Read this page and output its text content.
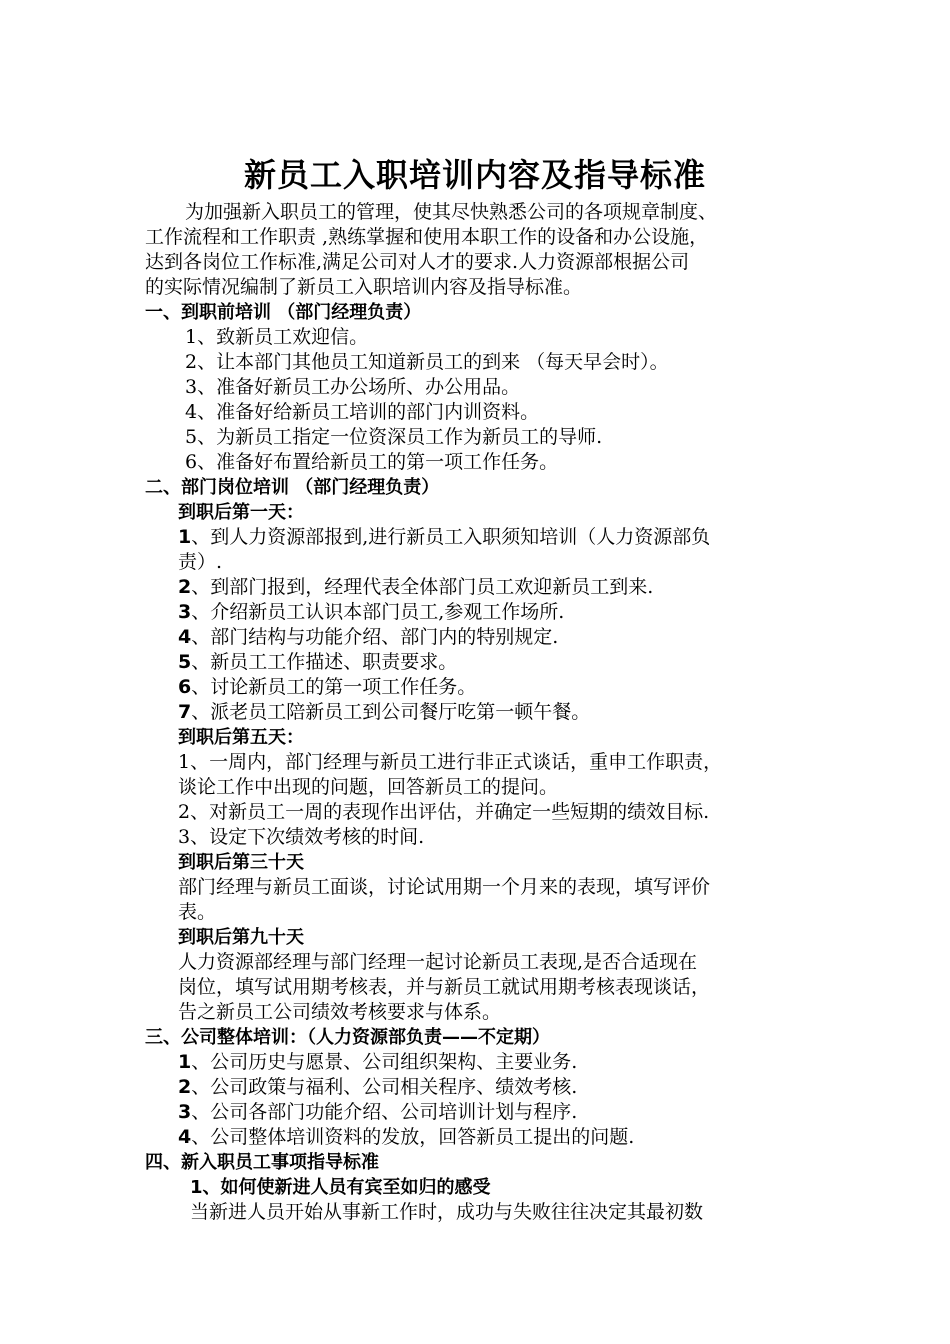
新员工入职培训内容及指导标准
为加强新入职员工的管理，使其尽快熟悉公司的各项规章制度、
工作流程和工作职责 ,熟练掌握和使用本职工作的设备和办公设施，
达到各岗位工作标准,满足公司对人才的要求.人力资源部根据公司
的实际情况编制了新员工入职培训内容及指导标准。
一、到职前培训 （部门经理负责）
1、致新员工欢迎信。
2、让本部门其他员工知道新员工的到来 （每天早会时）。
3、准备好新员工办公场所、办公用品。
4、准备好给新员工培训的部门内训资料。
5、为新员工指定一位资深员工作为新员工的导师.
6、准备好布置给新员工的第一项工作任务。
二、部门岗位培训 （部门经理负责）
到职后第一天：
1、到人力资源部报到,进行新员工入职须知培训（人力资源部负
责）.
2、到部门报到，经理代表全体部门员工欢迎新员工到来.
3、介绍新员工认识本部门员工,参观工作场所.
4、部门结构与功能介绍、部门内的特别规定.
5、新员工工作描述、职责要求。
6、讨论新员工的第一项工作任务。
7、派老员工陪新员工到公司餐厅吃第一顿午餐。
到职后第五天：
1、一周内，部门经理与新员工进行非正式谈话，重申工作职责，
谈论工作中出现的问题，回答新员工的提问。
2、对新员工一周的表现作出评估，并确定一些短期的绩效目标.
3、设定下次绩效考核的时间.
到职后第三十天
部门经理与新员工面谈，讨论试用期一个月来的表现，填写评价
表。
到职后第九十天
人力资源部经理与部门经理一起讨论新员工表现,是否合适现在
岗位，填写试用期考核表，并与新员工就试用期考核表现谈话，
告之新员工公司绩效考核要求与体系。
三、公司整体培训：（人力资源部负责——不定期）
1、公司历史与愿景、公司组织架构、主要业务.
2、公司政策与福利、公司相关程序、绩效考核.
3、公司各部门功能介绍、公司培训计划与程序.
4、公司整体培训资料的发放，回答新员工提出的问题.
四、新入职员工事项指导标准
1、如何使新进人员有宾至如归的感受
当新进人员开始从事新工作时，成功与失败往往决定其最初数
